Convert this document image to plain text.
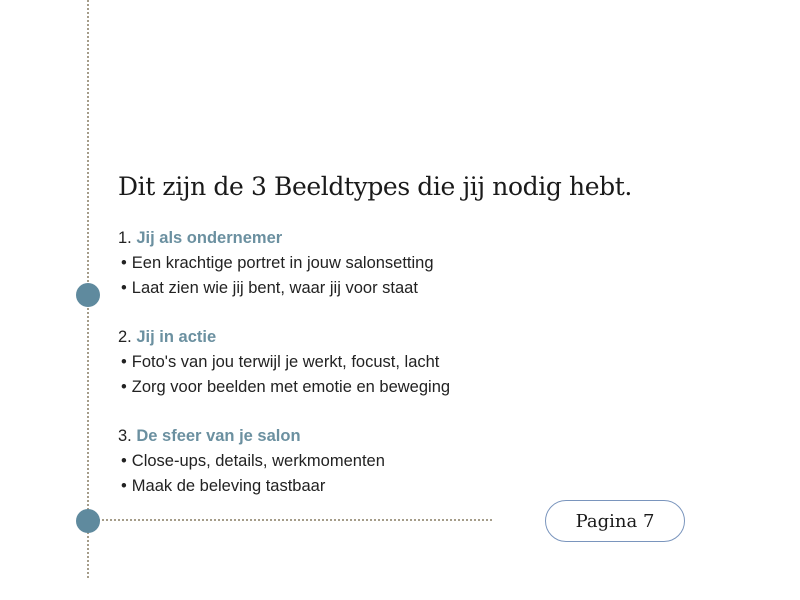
Dit zijn de 3 Beeldtypes die jij nodig hebt.
1. Jij als ondernemer
• Een krachtige portret in jouw salonsetting
• Laat zien wie jij bent, waar jij voor staat
2. Jij in actie
• Foto's van jou terwijl je werkt, focust, lacht
• Zorg voor beelden met emotie en beweging
3. De sfeer van je salon
• Close-ups, details, werkmomenten
• Maak de beleving tastbaar
Pagina 7
